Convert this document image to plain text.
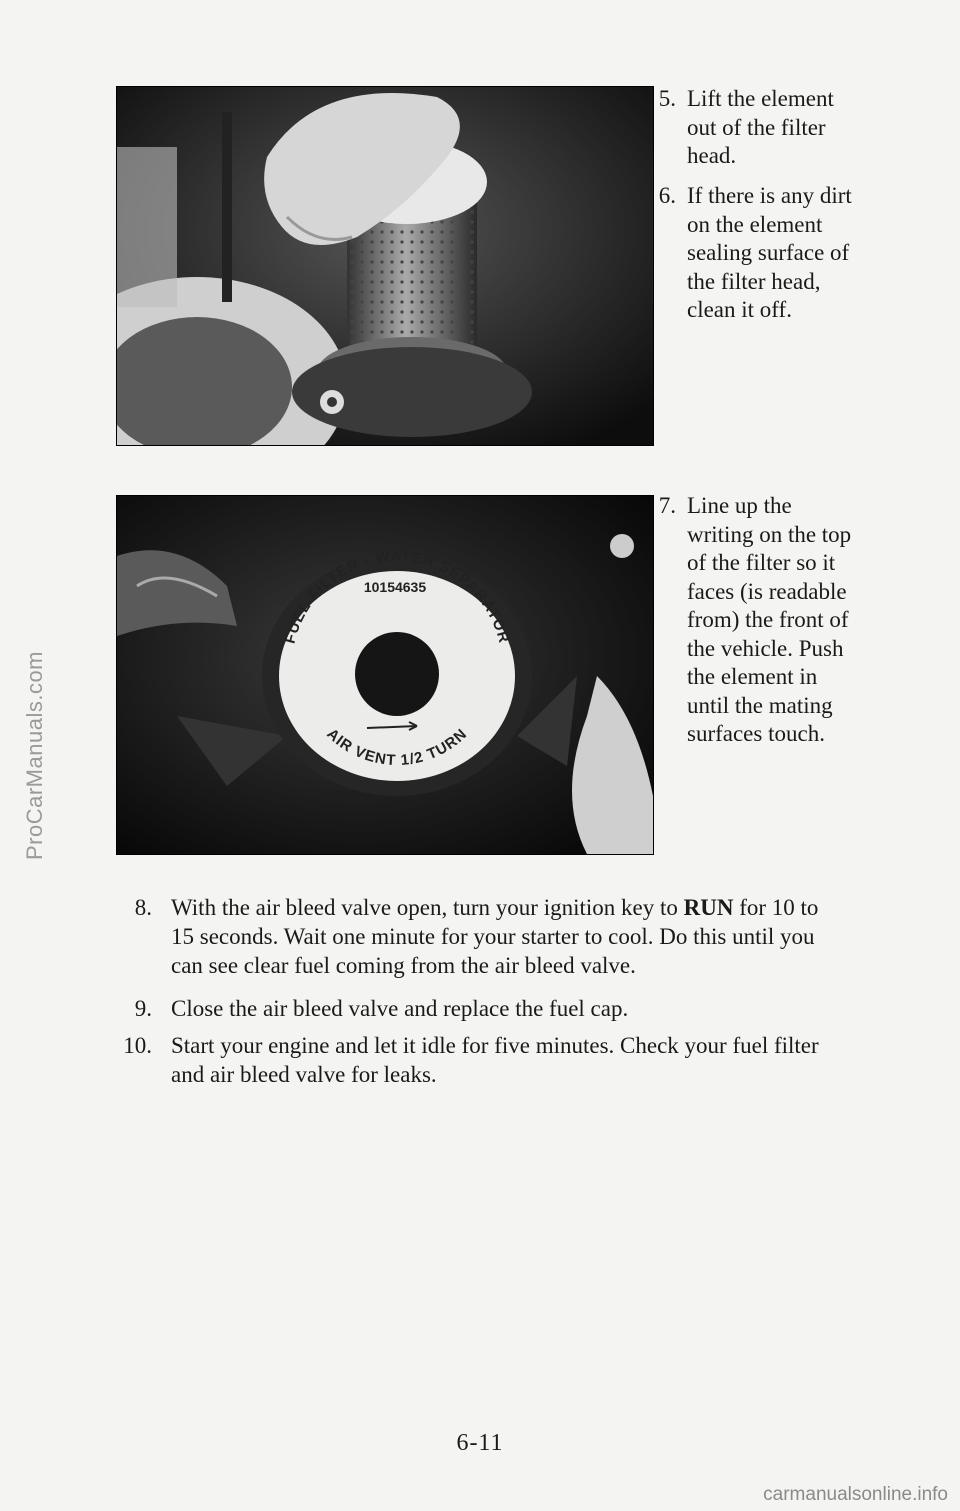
ProCarManuals.com
5. Lift the element
out of the filter
head.
6. If there is any dirt
on the element
sealing surface of
the filter head,
clean it off.
FUEL FILTER - WATER SEPARATOR
10154635
AIR VENT 1/2 TURN
7. Line up the
writing on the top
of the filter so it
faces (is readable
from) the front of
the vehicle. Push
the element in
until the mating
surfaces touch.
8. With the air bleed valve open, turn your ignition key to RUN for 10 to
15 seconds. Wait one minute for your starter to cool. Do this until you
can see clear fuel coming from the air bleed valve.
9. Close the air bleed valve and replace the fuel cap.
10. Start your engine and let it idle for five minutes. Check your fuel filter
and air bleed valve for leaks.
6-11
carmanualsonline.info
